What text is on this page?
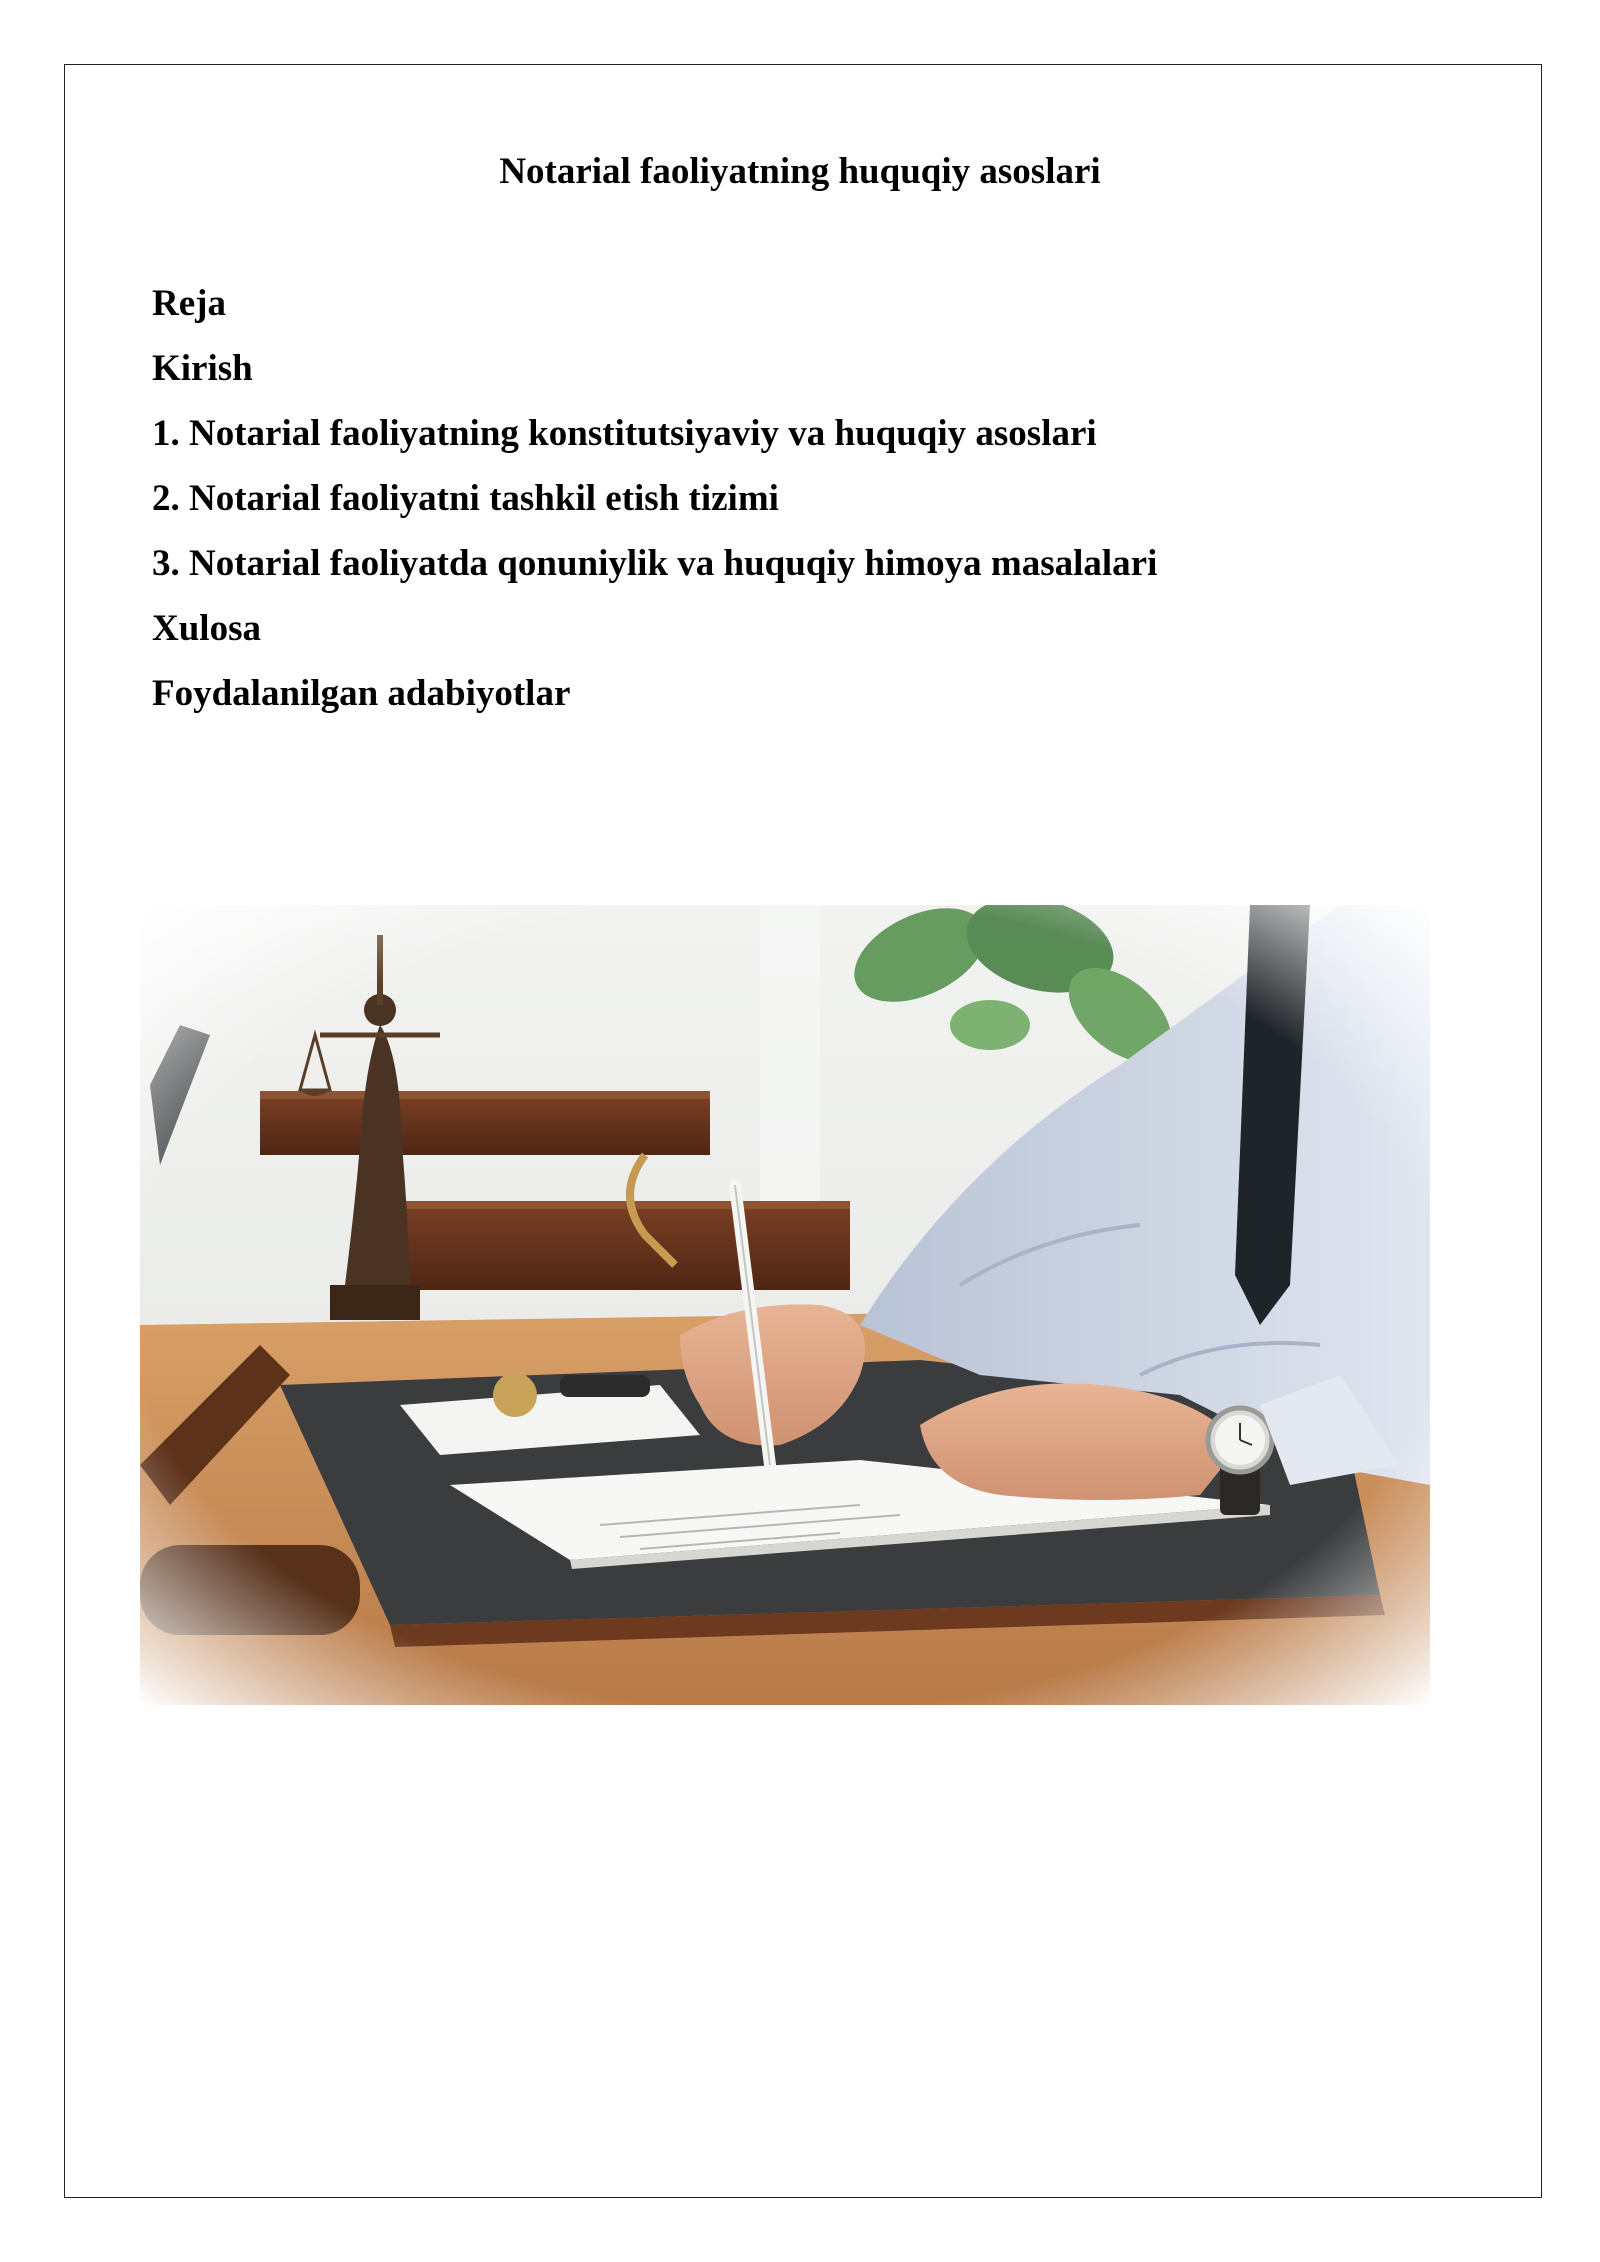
Notarial faoliyatning huquqiy asoslari
Reja
Kirish
1. Notarial faoliyatning konstitutsiyaviy va huquqiy asoslari
2. Notarial faoliyatni tashkil etish tizimi
3. Notarial faoliyatda qonuniylik va huquqiy himoya masalalari
Xulosa
Foydalanilgan adabiyotlar
